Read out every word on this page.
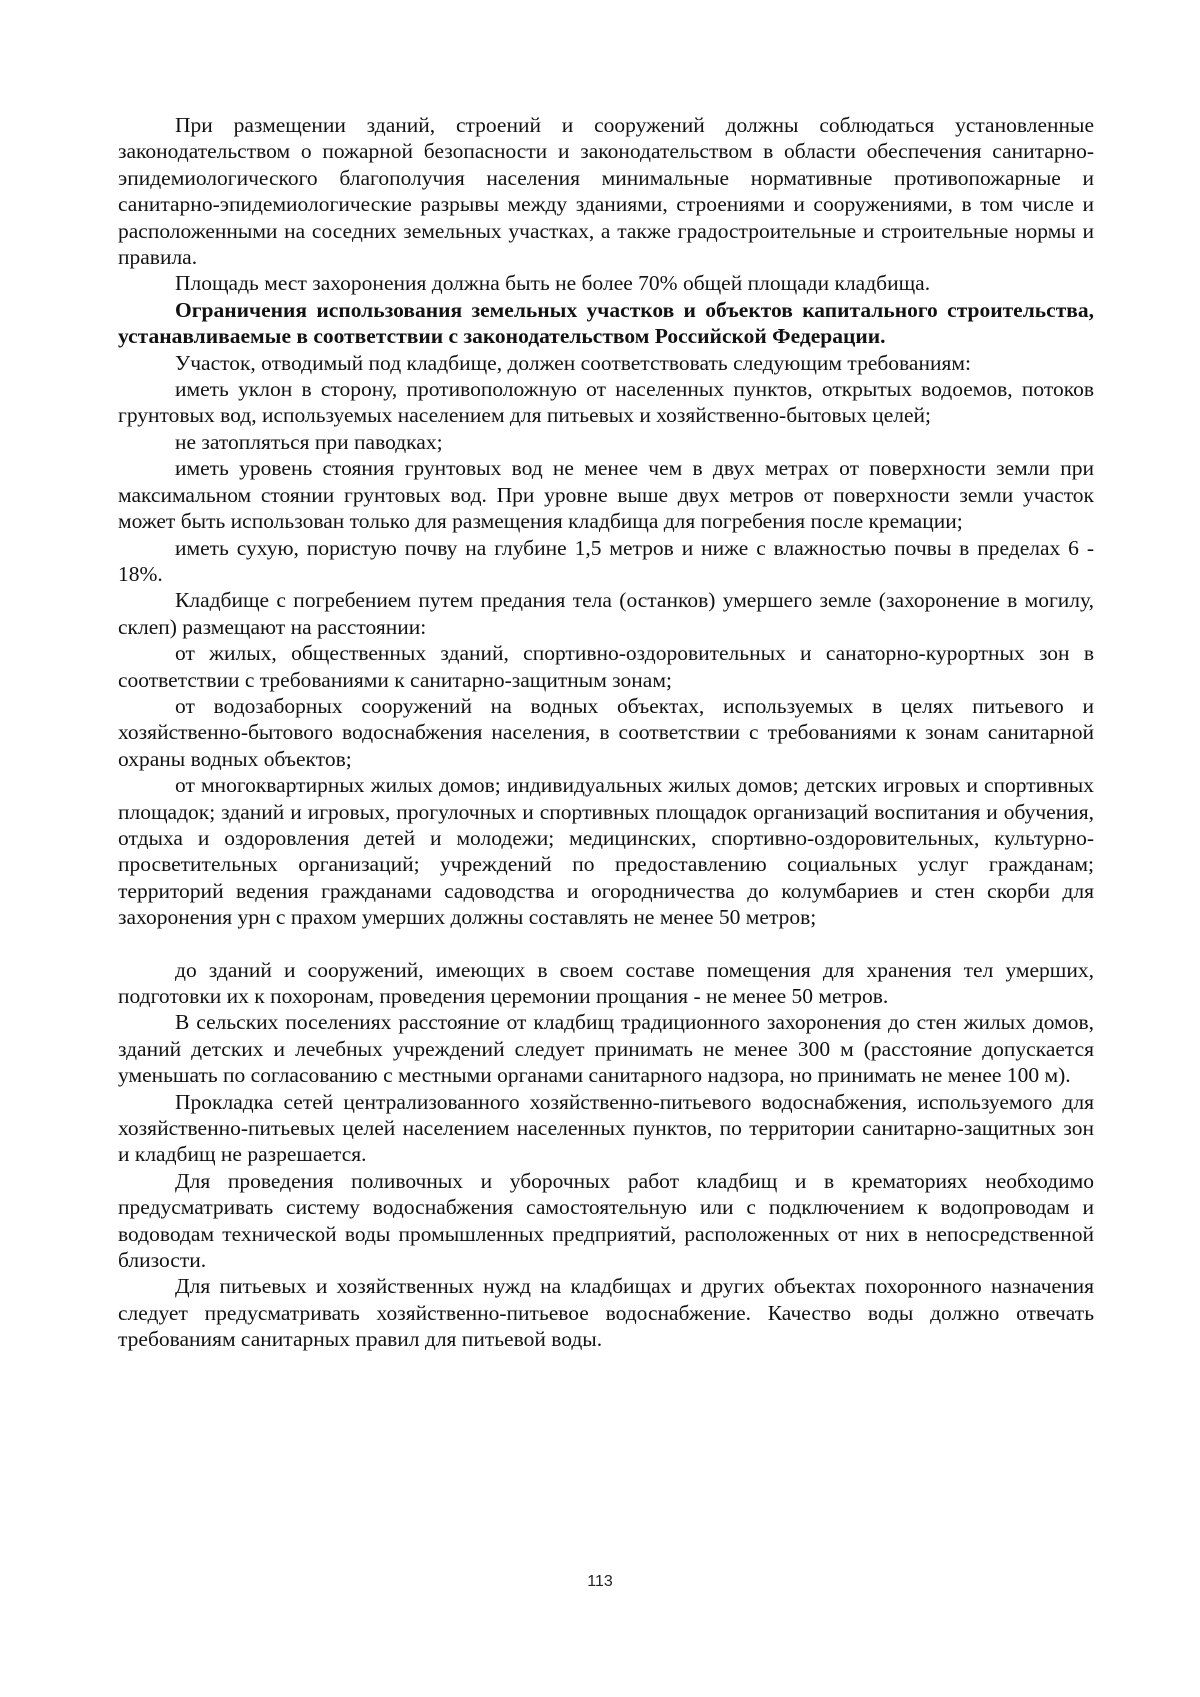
При размещении зданий, строений и сооружений должны соблюдаться установленные законодательством о пожарной безопасности и законодательством в области обеспечения санитарно-эпидемиологического благополучия населения минимальные нормативные противопожарные и санитарно-эпидемиологические разрывы между зданиями, строениями и сооружениями, в том числе и расположенными на соседних земельных участках, а также градостроительные и строительные нормы и правила.

Площадь мест захоронения должна быть не более 70% общей площади кладбища.

Ограничения использования земельных участков и объектов капитального строительства, устанавливаемые в соответствии с законодательством Российской Федерации.

Участок, отводимый под кладбище, должен соответствовать следующим требованиям:

иметь уклон в сторону, противоположную от населенных пунктов, открытых водоемов, потоков грунтовых вод, используемых населением для питьевых и хозяйственно-бытовых целей;

не затопляться при паводках;

иметь уровень стояния грунтовых вод не менее чем в двух метрах от поверхности земли при максимальном стоянии грунтовых вод. При уровне выше двух метров от поверхности земли участок может быть использован только для размещения кладбища для погребения после кремации;

иметь сухую, пористую почву на глубине 1,5 метров и ниже с влажностью почвы в пределах 6 - 18%.

Кладбище с погребением путем предания тела (останков) умершего земле (захоронение в могилу, склеп) размещают на расстоянии:

от жилых, общественных зданий, спортивно-оздоровительных и санаторно-курортных зон в соответствии с требованиями к санитарно-защитным зонам;

от водозаборных сооружений на водных объектах, используемых в целях питьевого и хозяйственно-бытового водоснабжения населения, в соответствии с требованиями к зонам санитарной охраны водных объектов;

от многоквартирных жилых домов; индивидуальных жилых домов; детских игровых и спортивных площадок; зданий и игровых, прогулочных и спортивных площадок организаций воспитания и обучения, отдыха и оздоровления детей и молодежи; медицинских, спортивно-оздоровительных, культурно-просветительных организаций; учреждений по предоставлению социальных услуг гражданам; территорий ведения гражданами садоводства и огородничества до колумбариев и стен скорби для захоронения урн с прахом умерших должны составлять не менее 50 метров;

до зданий и сооружений, имеющих в своем составе помещения для хранения тел умерших, подготовки их к похоронам, проведения церемонии прощания - не менее 50 метров.

В сельских поселениях расстояние от кладбищ традиционного захоронения до стен жилых домов, зданий детских и лечебных учреждений следует принимать не менее 300 м (расстояние допускается уменьшать по согласованию с местными органами санитарного надзора, но принимать не менее 100 м).

Прокладка сетей централизованного хозяйственно-питьевого водоснабжения, используемого для хозяйственно-питьевых целей населением населенных пунктов, по территории санитарно-защитных зон и кладбищ не разрешается.

Для проведения поливочных и уборочных работ кладбищ и в крематориях необходимо предусматривать систему водоснабжения самостоятельную или с подключением к водопроводам и водоводам технической воды промышленных предприятий, расположенных от них в непосредственной близости.

Для питьевых и хозяйственных нужд на кладбищах и других объектах похоронного назначения следует предусматривать хозяйственно-питьевое водоснабжение. Качество воды должно отвечать требованиям санитарных правил для питьевой воды.

113
